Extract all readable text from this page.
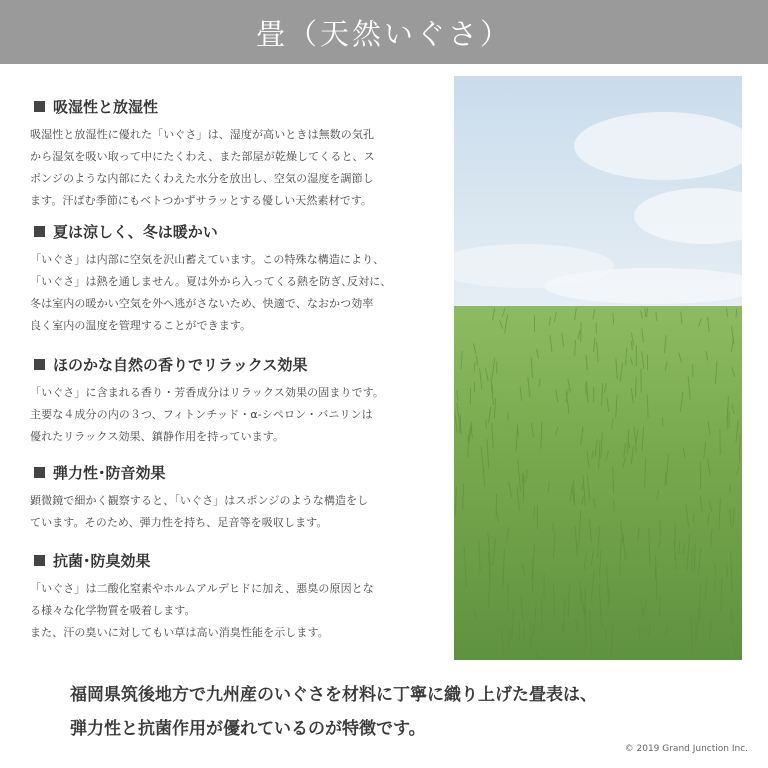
畳（天然いぐさ）
吸湿性と放湿性

吸湿性と放湿性に優れた「いぐさ」は、湿度が高いときは無数の気孔

から湿気を吸い取って中にたくわえ、また部屋が乾燥してくると、ス

ポンジのような内部にたくわえた水分を放出し、空気の湿度を調節し

ます。汗ばむ季節にもベトつかずサラッとする優しい天然素材です。

夏は涼しく、冬は暖かい

「いぐさ」は内部に空気を沢山蓄えています。この特殊な構造により、

「いぐさ」は熱を通しません。夏は外から入ってくる熱を防ぎ､反対に、

冬は室内の暖かい空気を外へ逃がさないため、快適で、なおかつ効率

良く室内の温度を管理することができます。

ほのかな自然の香りでリラックス効果

「いぐさ」に含まれる香り・芳香成分はリラックス効果の固まりです。

主要な４成分の内の３つ、フィトンチッド・α-シペロン・バニリンは

優れたリラックス効果、鎮静作用を持っています。

弾力性･防音効果

顕微鏡で細かく観察すると、「いぐさ」はスポンジのような構造をし

ています。そのため、弾力性を持ち、足音等を吸収します。

抗菌･防臭効果

「いぐさ」は二酸化窒素やホルムアルデヒドに加え、悪臭の原因とな

る様々な化学物質を吸着します。

また、汗の臭いに対してもい草は高い消臭性能を示します。

福岡県筑後地方で九州産のいぐさを材料に丁寧に織り上げた畳表は、

弾力性と抗菌作用が優れているのが特徴です。

© 2019 Grand Junction Inc.
